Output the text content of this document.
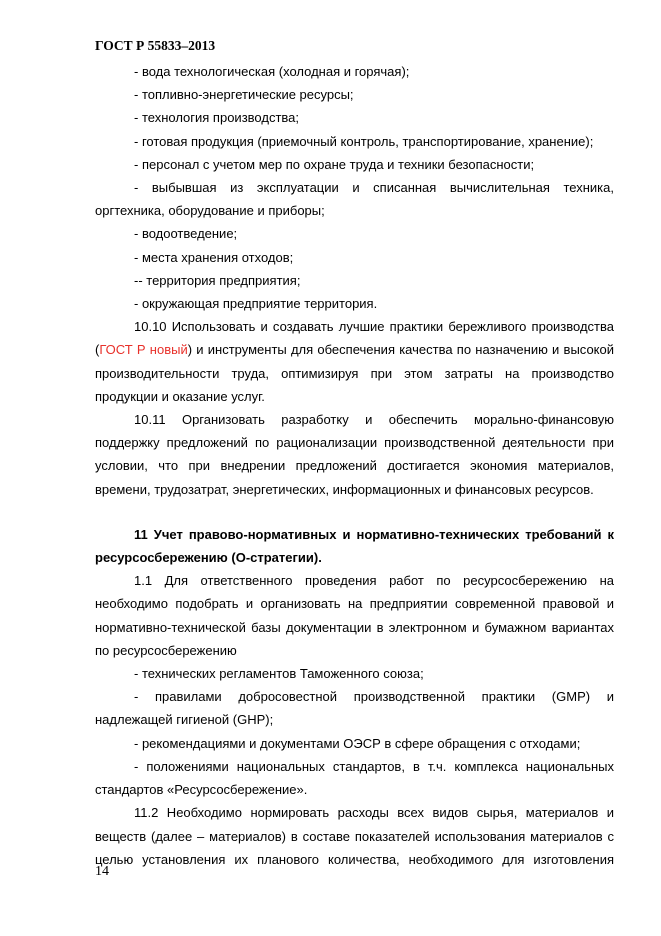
ГОСТ Р 55833–2013

- вода технологическая (холодная и горячая);

- топливно-энергетические ресурсы;

- технология производства;

- готовая продукция (приемочный контроль, транспортирование, хранение);

- персонал с учетом мер по охране труда и техники безопасности;

- выбывшая из эксплуатации и списанная вычислительная техника, оргтехника, оборудование и приборы;

- водоотведение;

- места хранения отходов;

-- территория предприятия;

- окружающая предприятие территория.

10.10 Использовать и создавать лучшие практики бережливого производства (ГОСТ Р новый) и инструменты для обеспечения качества по назначению и высокой производительности труда, оптимизируя при этом затраты на производство продукции и оказание услуг.

10.11 Организовать разработку и обеспечить морально-финансовую поддержку предложений по рационализации производственной деятельности при условии, что при внедрении предложений достигается экономия материалов, времени, трудозатрат, энергетических, информационных и финансовых ресурсов.

11 Учет правово-нормативных и нормативно-технических требований к ресурсосбережению (О-стратегии).

1.1 Для ответственного проведения работ по ресурсосбережению на необходимо подобрать и организовать на предприятии современной правовой и нормативно-технической базы документации в электронном и бумажном вариантах по ресурсосбережению

- технических регламентов Таможенного союза;

- правилами добросовестной производственной практики (GMP) и надлежащей гигиеной (GHP);

- рекомендациями и документами ОЭСР в сфере обращения с отходами;

- положениями национальных стандартов, в т.ч. комплекса национальных стандартов «Ресурсосбережение».

11.2 Необходимо нормировать расходы всех видов сырья, материалов и веществ (далее – материалов) в составе показателей использования материалов с целью установления их планового количества, необходимого для изготовления

14
